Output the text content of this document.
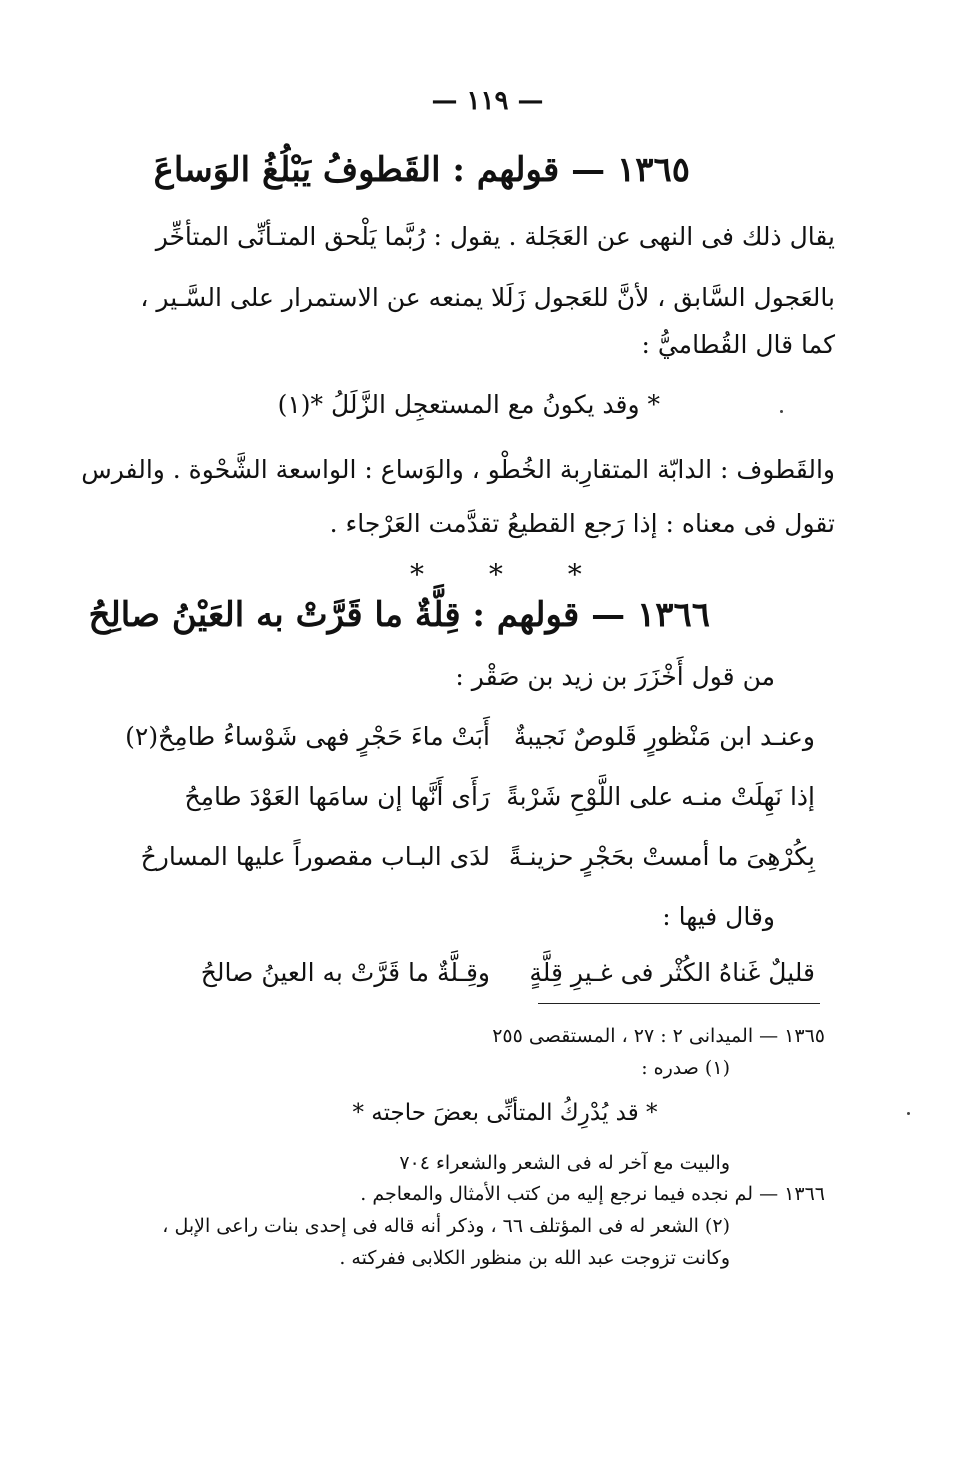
— ١١٩ —
١٣٦٥ — قولهم : القَطوفُ يَبْلُغُ الوَساعَ
يقال ذلك فى النهى عن العَجَلة . يقول : رُبَّما يَلْحق المتـأنِّى المتأخِّر
بالعَجول السَّابق ، لأنَّ للعَجول زَلَلا يمنعه عن الاستمرار على السَّـير ،
كما قال القُطاميُّ :
* وقد يكونُ مع المستعجِل الزَّلَلُ *(١)
والقَطوف : الدابّة المتقارِبة الخُطْو ، والوَساع : الواسعة الشَّحْوة . والفرس
تقول فى معناه : إذا رَجع القطيعُ تقدَّمت العَرْجاء .
* * *
١٣٦٦ — قولهم : قِلَّةٌ ما قَرَّتْ به العَيْنُ صالِحُ
من قول أَخْزَرَ بن زيد بن صَقْر :
وعنـد ابن مَنْظورٍ قَلوصٌ نَجيبةٌ
أَبَتْ ماءَ حَجْرٍ فهى شَوْساءُ طامِحٌ(٢)
إذا نَهِلَتْ منـه على اللَّوْحِ شَرْبةً
رَأَى أَنَّها إن سامَها العَوْدَ طامِحُ
بِكُرْهِىَ ما أمستْ بحَجْرٍ حزينـةً
لدَى البـاب مقصوراً عليها المسارحُ
وقال فيها :
قليلٌ غَناهُ الكُثْر فى غـيرِ قِلَّةٍ
وقِـلَّةٌ ما قَرَّتْ به العينُ صالحُ
١٣٦٥ — الميدانى ٢ : ٢٧ ، المستقصى ٢٥٥
(١) صدره :
* قد يُدْرِكُ المتأنِّى بعضَ حاجته *
والبيت مع آخر له فى الشعر والشعراء ٧٠٤
١٣٦٦ — لم نجده فيما نرجع إليه من كتب الأمثال والمعاجم .
(٢) الشعر له فى المؤتلف ٦٦ ، وذكر أنه قاله فى إحدى بنات راعى الإبل ،
وكانت تزوجت عبد الله بن منظور الكلابى ففركته .
